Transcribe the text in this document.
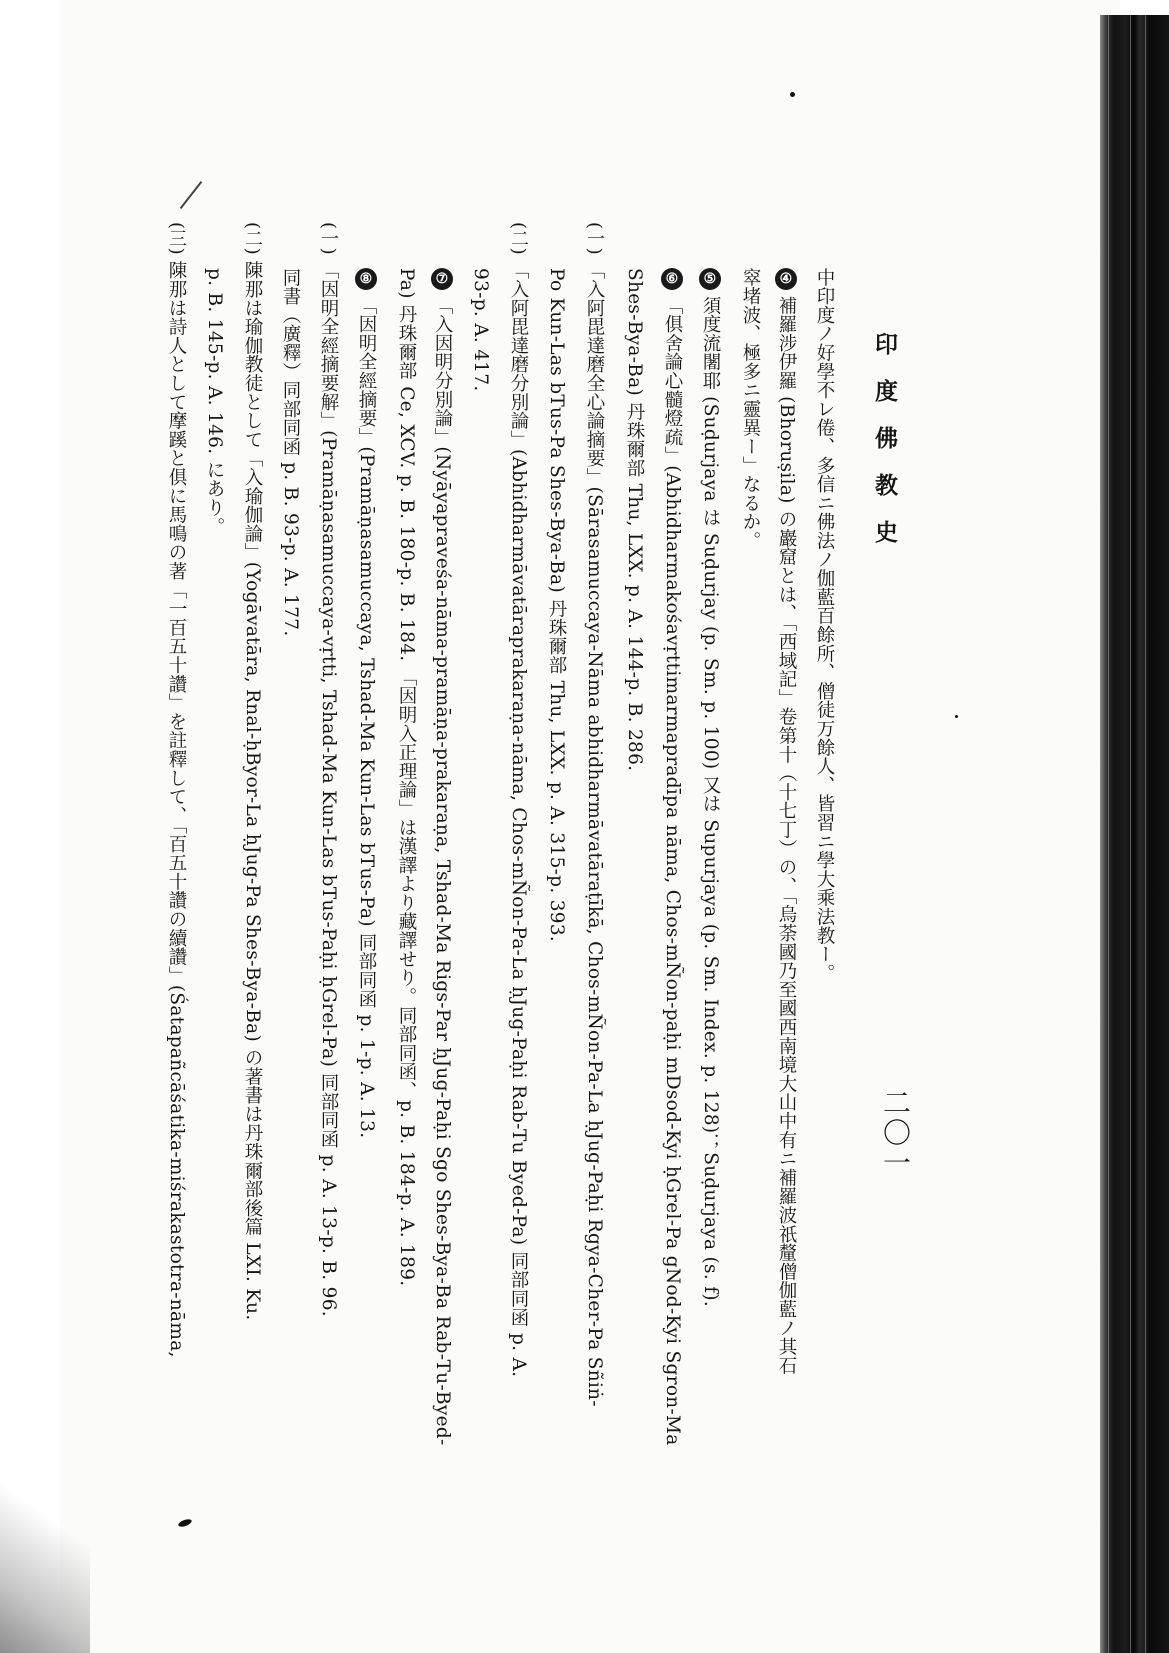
二〇一
印度佛教史
中印度ノ好學不レ倦、多信ニ佛法ノ伽藍百餘所、僧徒万餘人、皆習ニ學大乘法教ー。
④補羅涉伊羅 (Bhoruṣila) の巖窟とは、「西域記」卷第十（十七丁）の、「烏荼國乃至國西南境大山中有ニ補羅波祇釐僧伽藍ノ其石
窣堵波、極多ニ靈異ー」なるか。
⑤須度流闍耶 (Suḍurjaya は Suḍurjay (p. Sm. p. 100) 又は Supurjaya (p. Sm. Index. p. 128)；Suḍurjaya (s. f).
⑥「俱舍論心髓燈疏」(Abhidharmakośavṛttimarmapradīpa nāma, Chos-mÑon-paḥi mDsod-Kyi ḥGrel-Pa gNod-Kyi Sgron-Ma
Shes-Bya-Ba) 丹珠爾部 Thu, LXX. p. A. 144-p. B. 286.
(一)「入阿毘達磨全心論摘要」(Sārasamuccaya-Nāma abhidharmāvatāraṭīkā, Chos-mÑon-Pa-La ḥJug-Paḥi Rgya-Cher-Pa Sñiṅ-
Po Kun-Las bTus-Pa Shes-Bya-Ba) 丹珠爾部 Thu, LXX. p. A. 315-p. 393.
(二)「入阿毘達磨分別論」(Abhidharmāvatāraprakaraṇa-nāma, Chos-mÑon-Pa-La ḥJug-Paḥi Rab-Tu Byed-Pa) 同部同函 p. A.
93-p. A. 417.
⑦「入因明分別論」(Nyāyapraveśa-nāma-pramāṇa-prakaraṇa, Tshad-Ma Rigs-Par ḥJug-Paḥi Sgo Shes-Bya-Ba Rab-Tu-Byed-
Pa) 丹珠爾部 Ce, XCV. p. B. 180-p. B. 184. 「因明入正理論」は漢譯より藏譯せり。同部同函、p. B. 184-p. A. 189.
⑧「因明全經摘要」(Pramāṇasamuccaya, Tshad-Ma Kun-Las bTus-Pa) 同部同函 p. 1-p. A. 13.
(一)「因明全經摘要解」(Pramāṇasamuccaya-vṛtti, Tshad-Ma Kun-Las bTus-Paḥi ḥGrel-Pa) 同部同函 p. A. 13-p. B. 96.
同書（廣釋）同部同函 p. B. 93-p. A. 177.
(二)陳那は瑜伽教徒として「入瑜伽論」(Yogāvatāra, Rnal-ḥByor-La ḥJug-Pa Shes-Bya-Ba) の著書は丹珠爾部後篇 LXI. Ku.
p. B. 145-p. A. 146. にあり。
(三)陳那は詩人として摩蹊と俱に馬鳴の著「一百五十讚」を註釋して、「百五十讚の續讚」(Śatapañcāśatika-miśrakastotra-nāma,
